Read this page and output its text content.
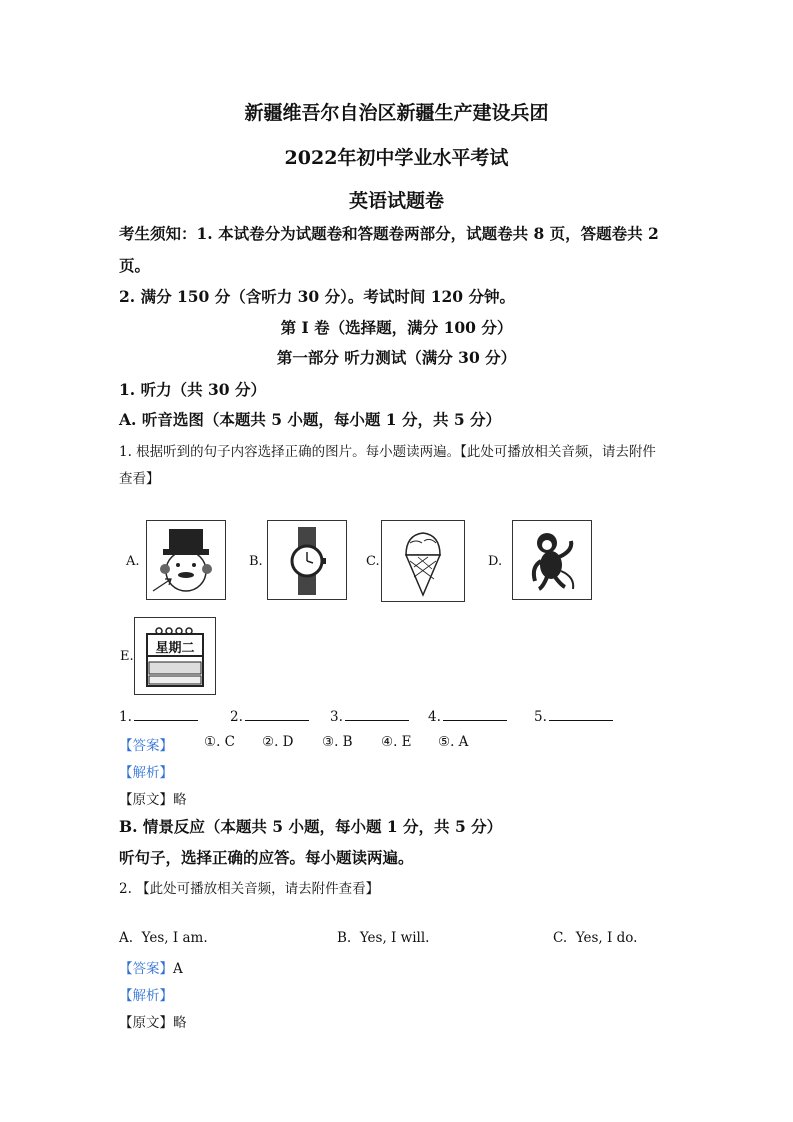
新疆维吾尔自治区新疆生产建设兵团
2022年初中学业水平考试
英语试题卷
考生须知：1. 本试卷分为试题卷和答题卷两部分，试题卷共 8 页，答题卷共 2
页。
2. 满分 150 分（含听力 30 分）。考试时间 120 分钟。
第 I 卷（选择题，满分 100 分）
第一部分 听力测试（满分 30 分）
1. 听力（共 30 分）
A. 听音选图（本题共 5 小题，每小题 1 分，共 5 分）
1. 根据听到的句子内容选择正确的图片。每小题读两遍。【此处可播放相关音频，请去附件
查看】
A.	B.	C.	D.
E.
星期二
1.	2.	3.	4.	5.
【答案】 ①. C ②. D ③. B ④. E ⑤. A
【解析】
【原文】略
B. 情景反应（本题共 5 小题，每小题 1 分，共 5 分）
听句子，选择正确的应答。每小题读两遍。
2. 【此处可播放相关音频，请去附件查看】
A. Yes, I am.	B. Yes, I will.	C. Yes, I do.
【答案】A
【解析】
【原文】略
